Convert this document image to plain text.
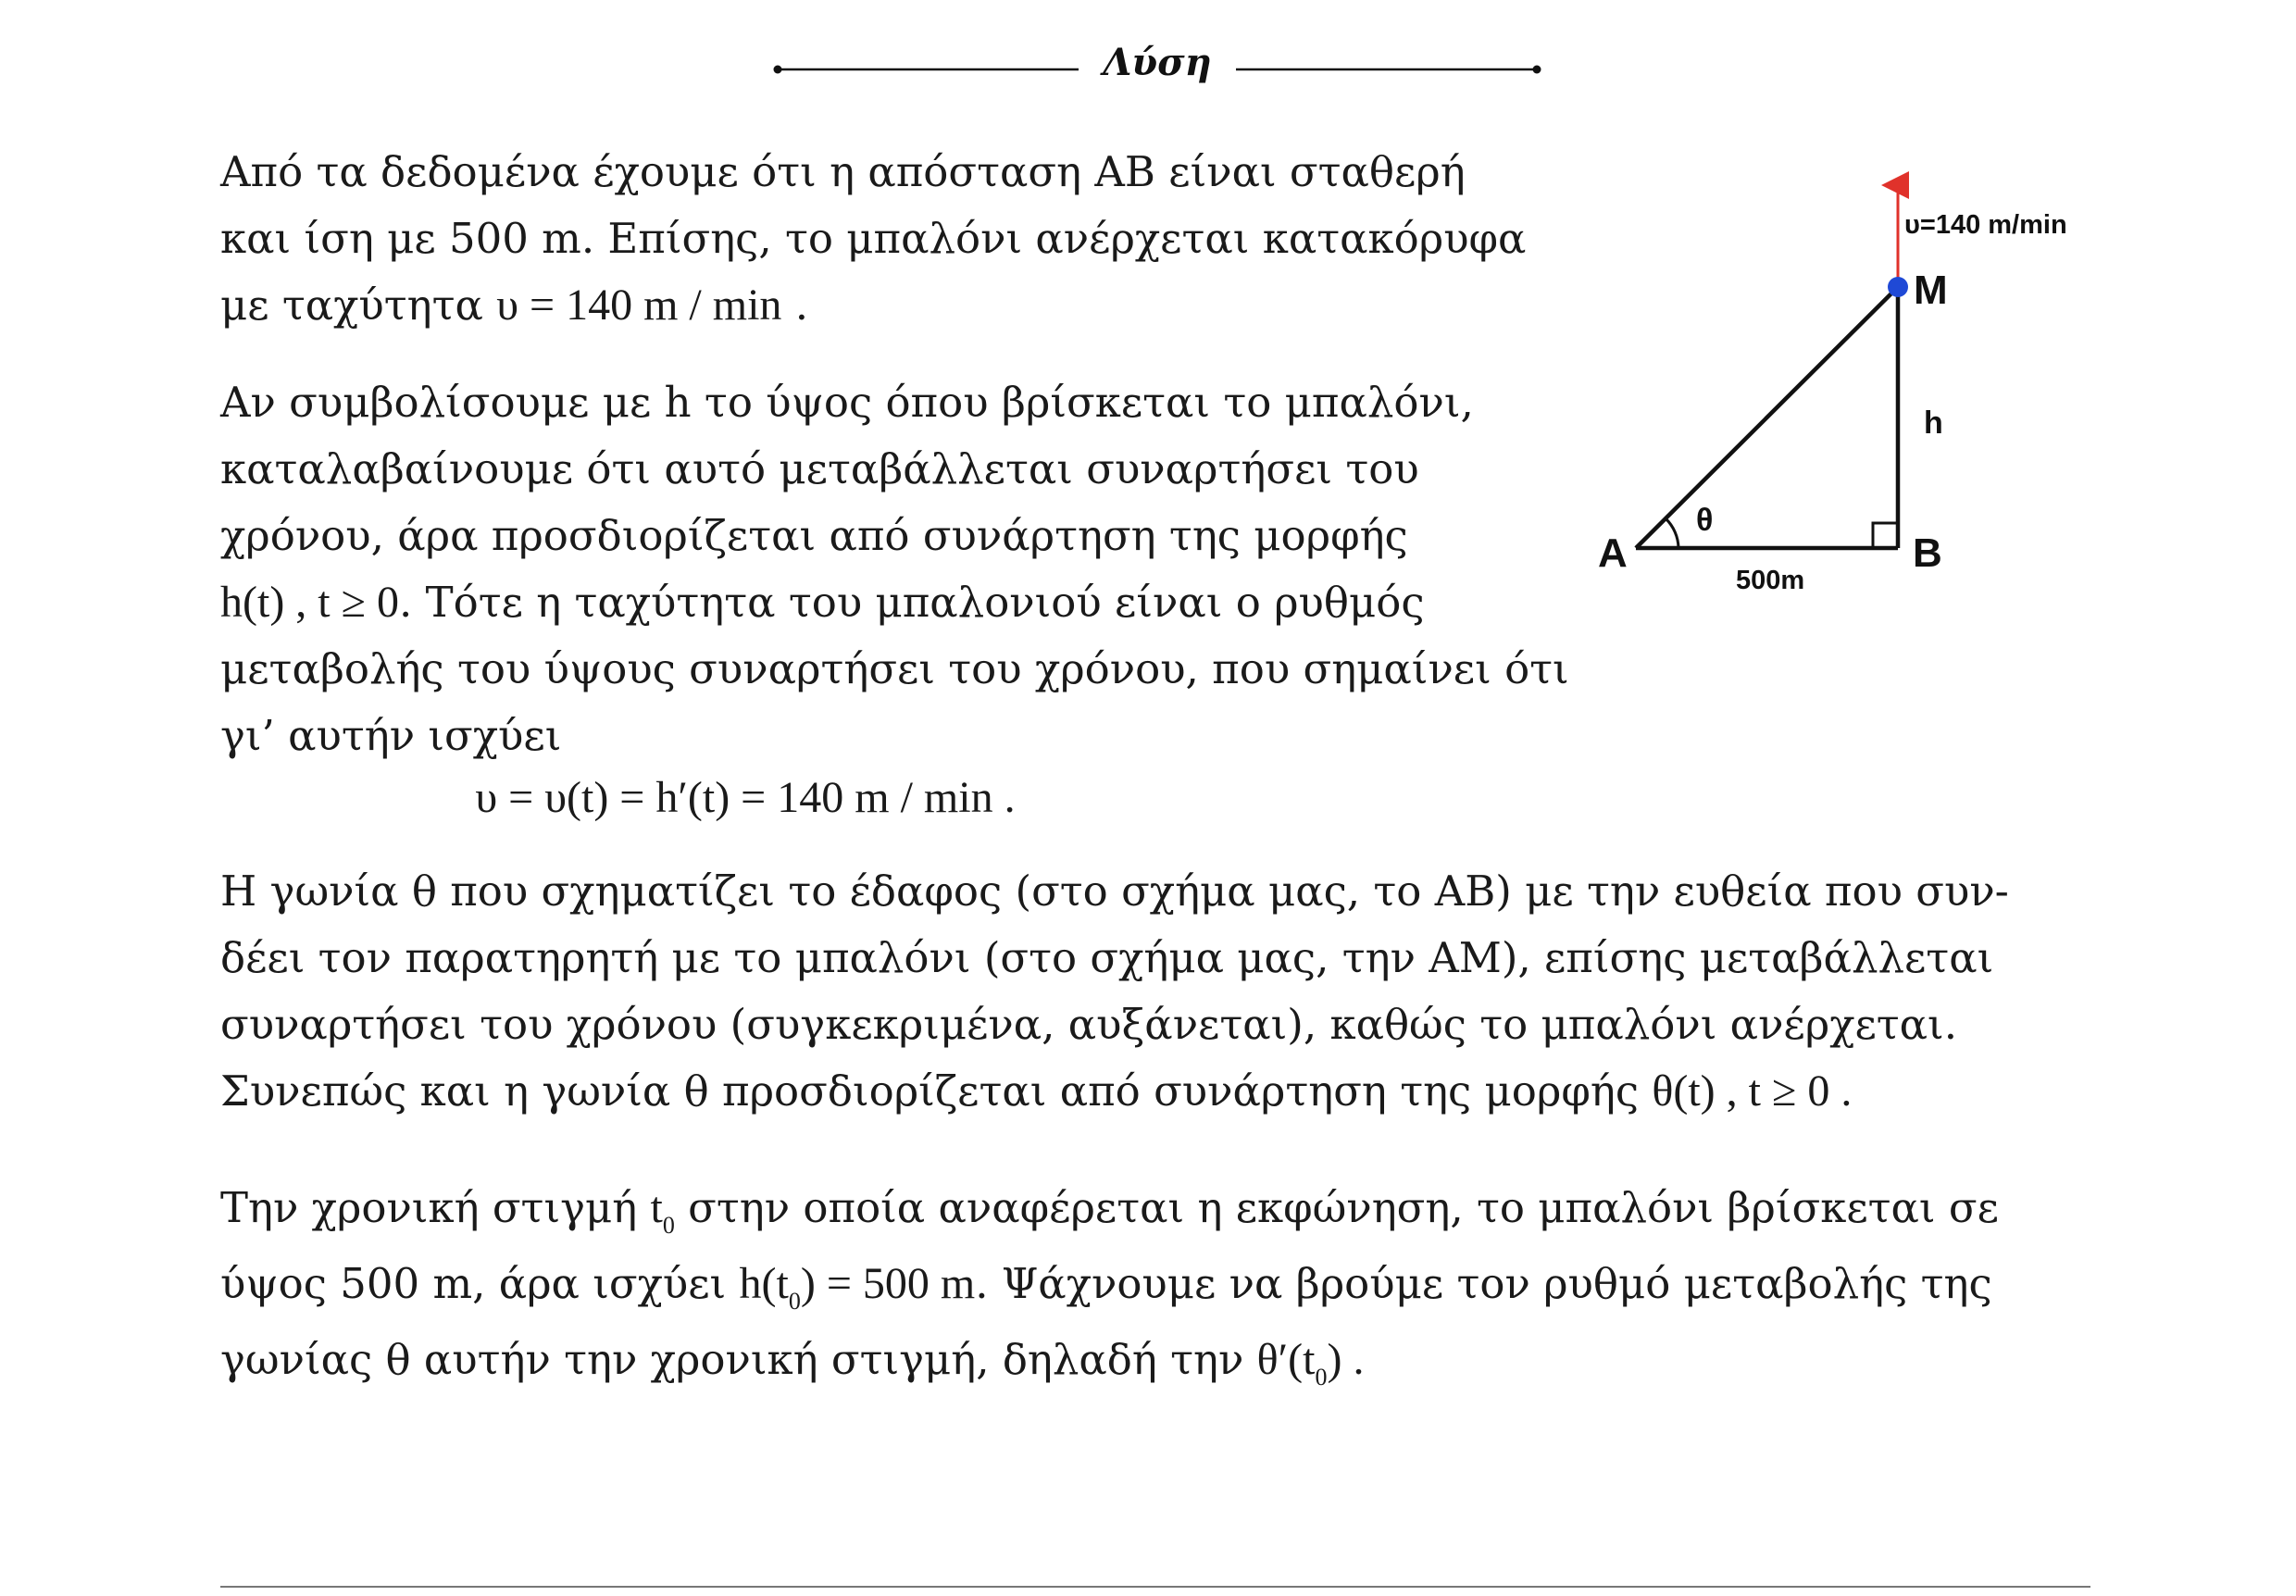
Λύση

Από τα δεδομένα έχουμε ότι η απόσταση ΑΒ είναι σταθερή
και ίση με 500 m. Επίσης, το μπαλόνι ανέρχεται κατακόρυφα
με ταχύτητα υ = 140 m / min .

Αν συμβολίσουμε με h το ύψος όπου βρίσκεται το μπαλόνι,
καταλαβαίνουμε ότι αυτό μεταβάλλεται συναρτήσει του
χρόνου, άρα προσδιορίζεται από συνάρτηση της μορφής
h(t) , t ≥ 0. Τότε η ταχύτητα του μπαλονιού είναι ο ρυθμός
μεταβολής του ύψους συναρτήσει του χρόνου, που σημαίνει ότι
γι’ αυτήν ισχύει

υ = υ(t) = h′(t) = 140 m / min .

Η γωνία θ που σχηματίζει το έδαφος (στο σχήμα μας, το ΑΒ) με την ευθεία που συν-
δέει τον παρατηρητή με το μπαλόνι (στο σχήμα μας, την ΑΜ), επίσης μεταβάλλεται
συναρτήσει του χρόνου (συγκεκριμένα, αυξάνεται), καθώς το μπαλόνι ανέρχεται.
Συνεπώς και η γωνία θ προσδιορίζεται από συνάρτηση της μορφής θ(t) , t ≥ 0 .

Την χρονική στιγμή $t_0$ στην οποία αναφέρεται η εκφώνηση, το μπαλόνι βρίσκεται σε
ύψος 500 m, άρα ισχύει $h(t_0) = 500$ m. Ψάχνουμε να βρούμε τον ρυθμό μεταβολής της
γωνίας θ αυτήν την χρονική στιγμή, δηλαδή την $\theta'(t_0)$ .

υ=140 m/min
M
h
θ
A	B
500m
